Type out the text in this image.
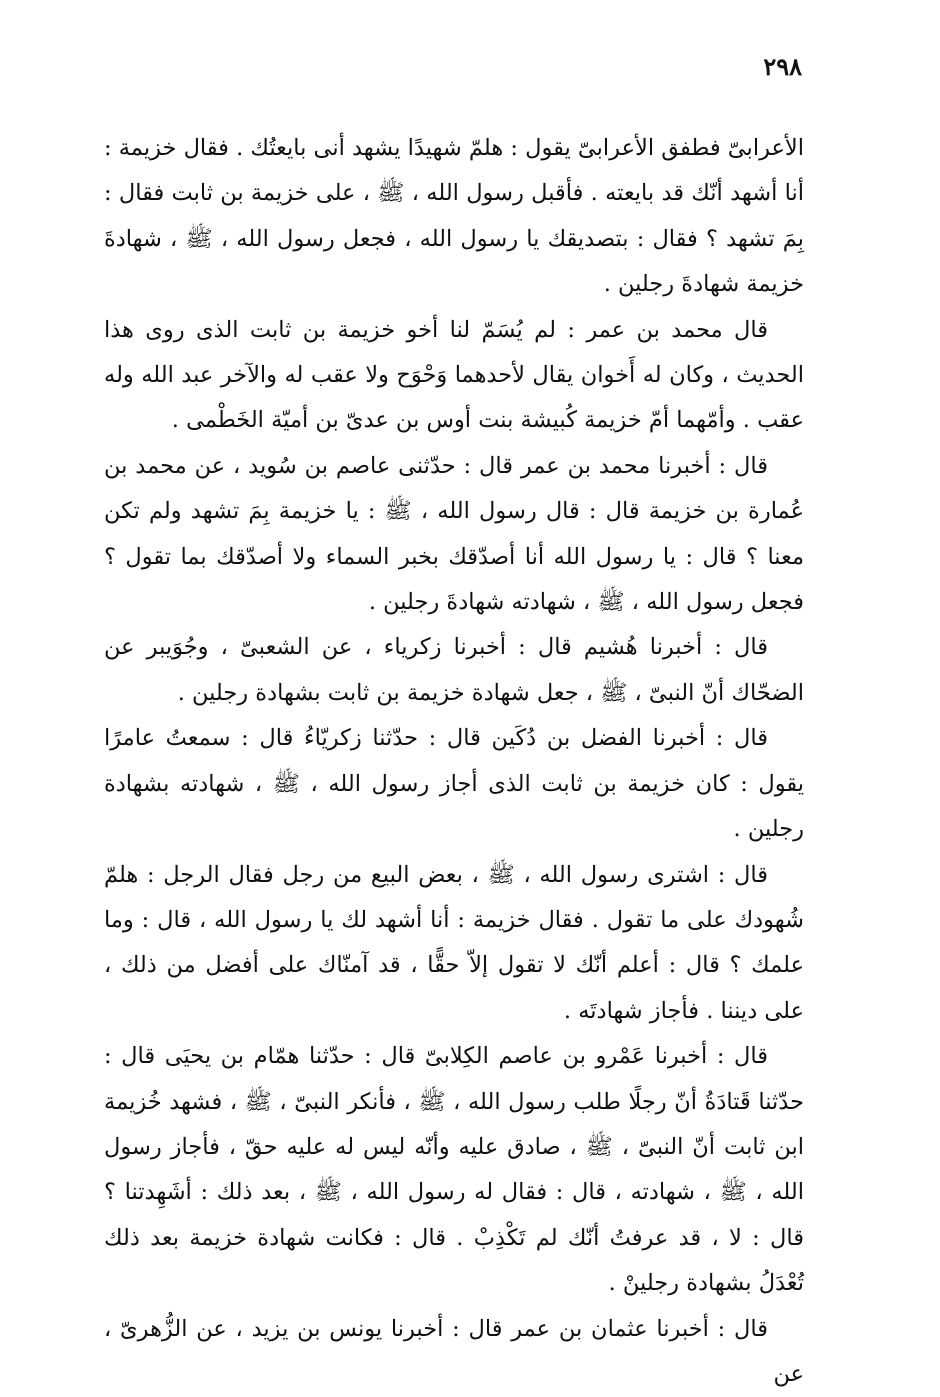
٢٩٨

الأعرابىّ فطفق الأعرابىّ يقول : هلمّ شهيدًا يشهد أنى بايعتُك . فقال خزيمة : أنا أشهد أنّك قد بايعته . فأقبل رسول الله ، ﷺ ، على خزيمة بن ثابت فقال : بِمَ تشهد ؟ فقال : بتصديقك يا رسول الله ، فجعل رسول الله ، ﷺ ، شهادةَ خزيمة شهادةَ رجلين .

قال محمد بن عمر : لم يُسَمّ لنا أخو خزيمة بن ثابت الذى روى هذا الحديث ، وكان له أَخوان يقال لأحدهما وَحْوَح ولا عقب له والآخر عبد الله وله عقب . وأمّهما أمّ خزيمة كُبيشة بنت أوس بن عدىّ بن أميّة الخَطْمى .

قال : أخبرنا محمد بن عمر قال : حدّثنى عاصم بن سُويد ، عن محمد بن عُمارة بن خزيمة قال : قال رسول الله ، ﷺ : يا خزيمة بِمَ تشهد ولم تكن معنا ؟ قال : يا رسول الله أنا أصدّقك بخبر السماء ولا أصدّقك بما تقول ؟ فجعل رسول الله ، ﷺ ، شهادته شهادةَ رجلين .

قال : أخبرنا هُشيم قال : أخبرنا زكرياء ، عن الشعبىّ ، وجُوَيبر عن الضحّاك أنّ النبىّ ، ﷺ ، جعل شهادة خزيمة بن ثابت بشهادة رجلين .

قال : أخبرنا الفضل بن دُكَين قال : حدّثنا زكريّاءُ قال : سمعتُ عامرًا يقول : كان خزيمة بن ثابت الذى أجاز رسول الله ، ﷺ ، شهادته بشهادة رجلين .

قال : اشترى رسول الله ، ﷺ ، بعض البيع من رجل فقال الرجل : هلمّ شُهودك على ما تقول . فقال خزيمة : أنا أشهد لك يا رسول الله ، قال : وما علمك ؟ قال : أعلم أنّك لا تقول إلاّ حقًّا ، قد آمنّاك على أفضل من ذلك ، على ديننا . فأجاز شهادتَه .

قال : أخبرنا عَمْرو بن عاصم الكِلابىّ قال : حدّثنا همّام بن يحيَى قال : حدّثنا قَتادَةُ أنّ رجلًا طلب رسول الله ، ﷺ ، فأنكر النبىّ ، ﷺ ، فشهد خُزيمة ابن ثابت أنّ النبىّ ، ﷺ ، صادق عليه وأنّه ليس له عليه حقّ ، فأجاز رسول الله ، ﷺ ، شهادته ، قال : فقال له رسول الله ، ﷺ ، بعد ذلك : أشَهِدتنا ؟ قال : لا ، قد عرفتُ أنّك لم تَكْذِبْ . قال : فكانت شهادة خزيمة بعد ذلك تُعْدَلُ بشهادة رجلينْ .

قال : أخبرنا عثمان بن عمر قال : أخبرنا يونس بن يزيد ، عن الزُّهرىّ ، عن
